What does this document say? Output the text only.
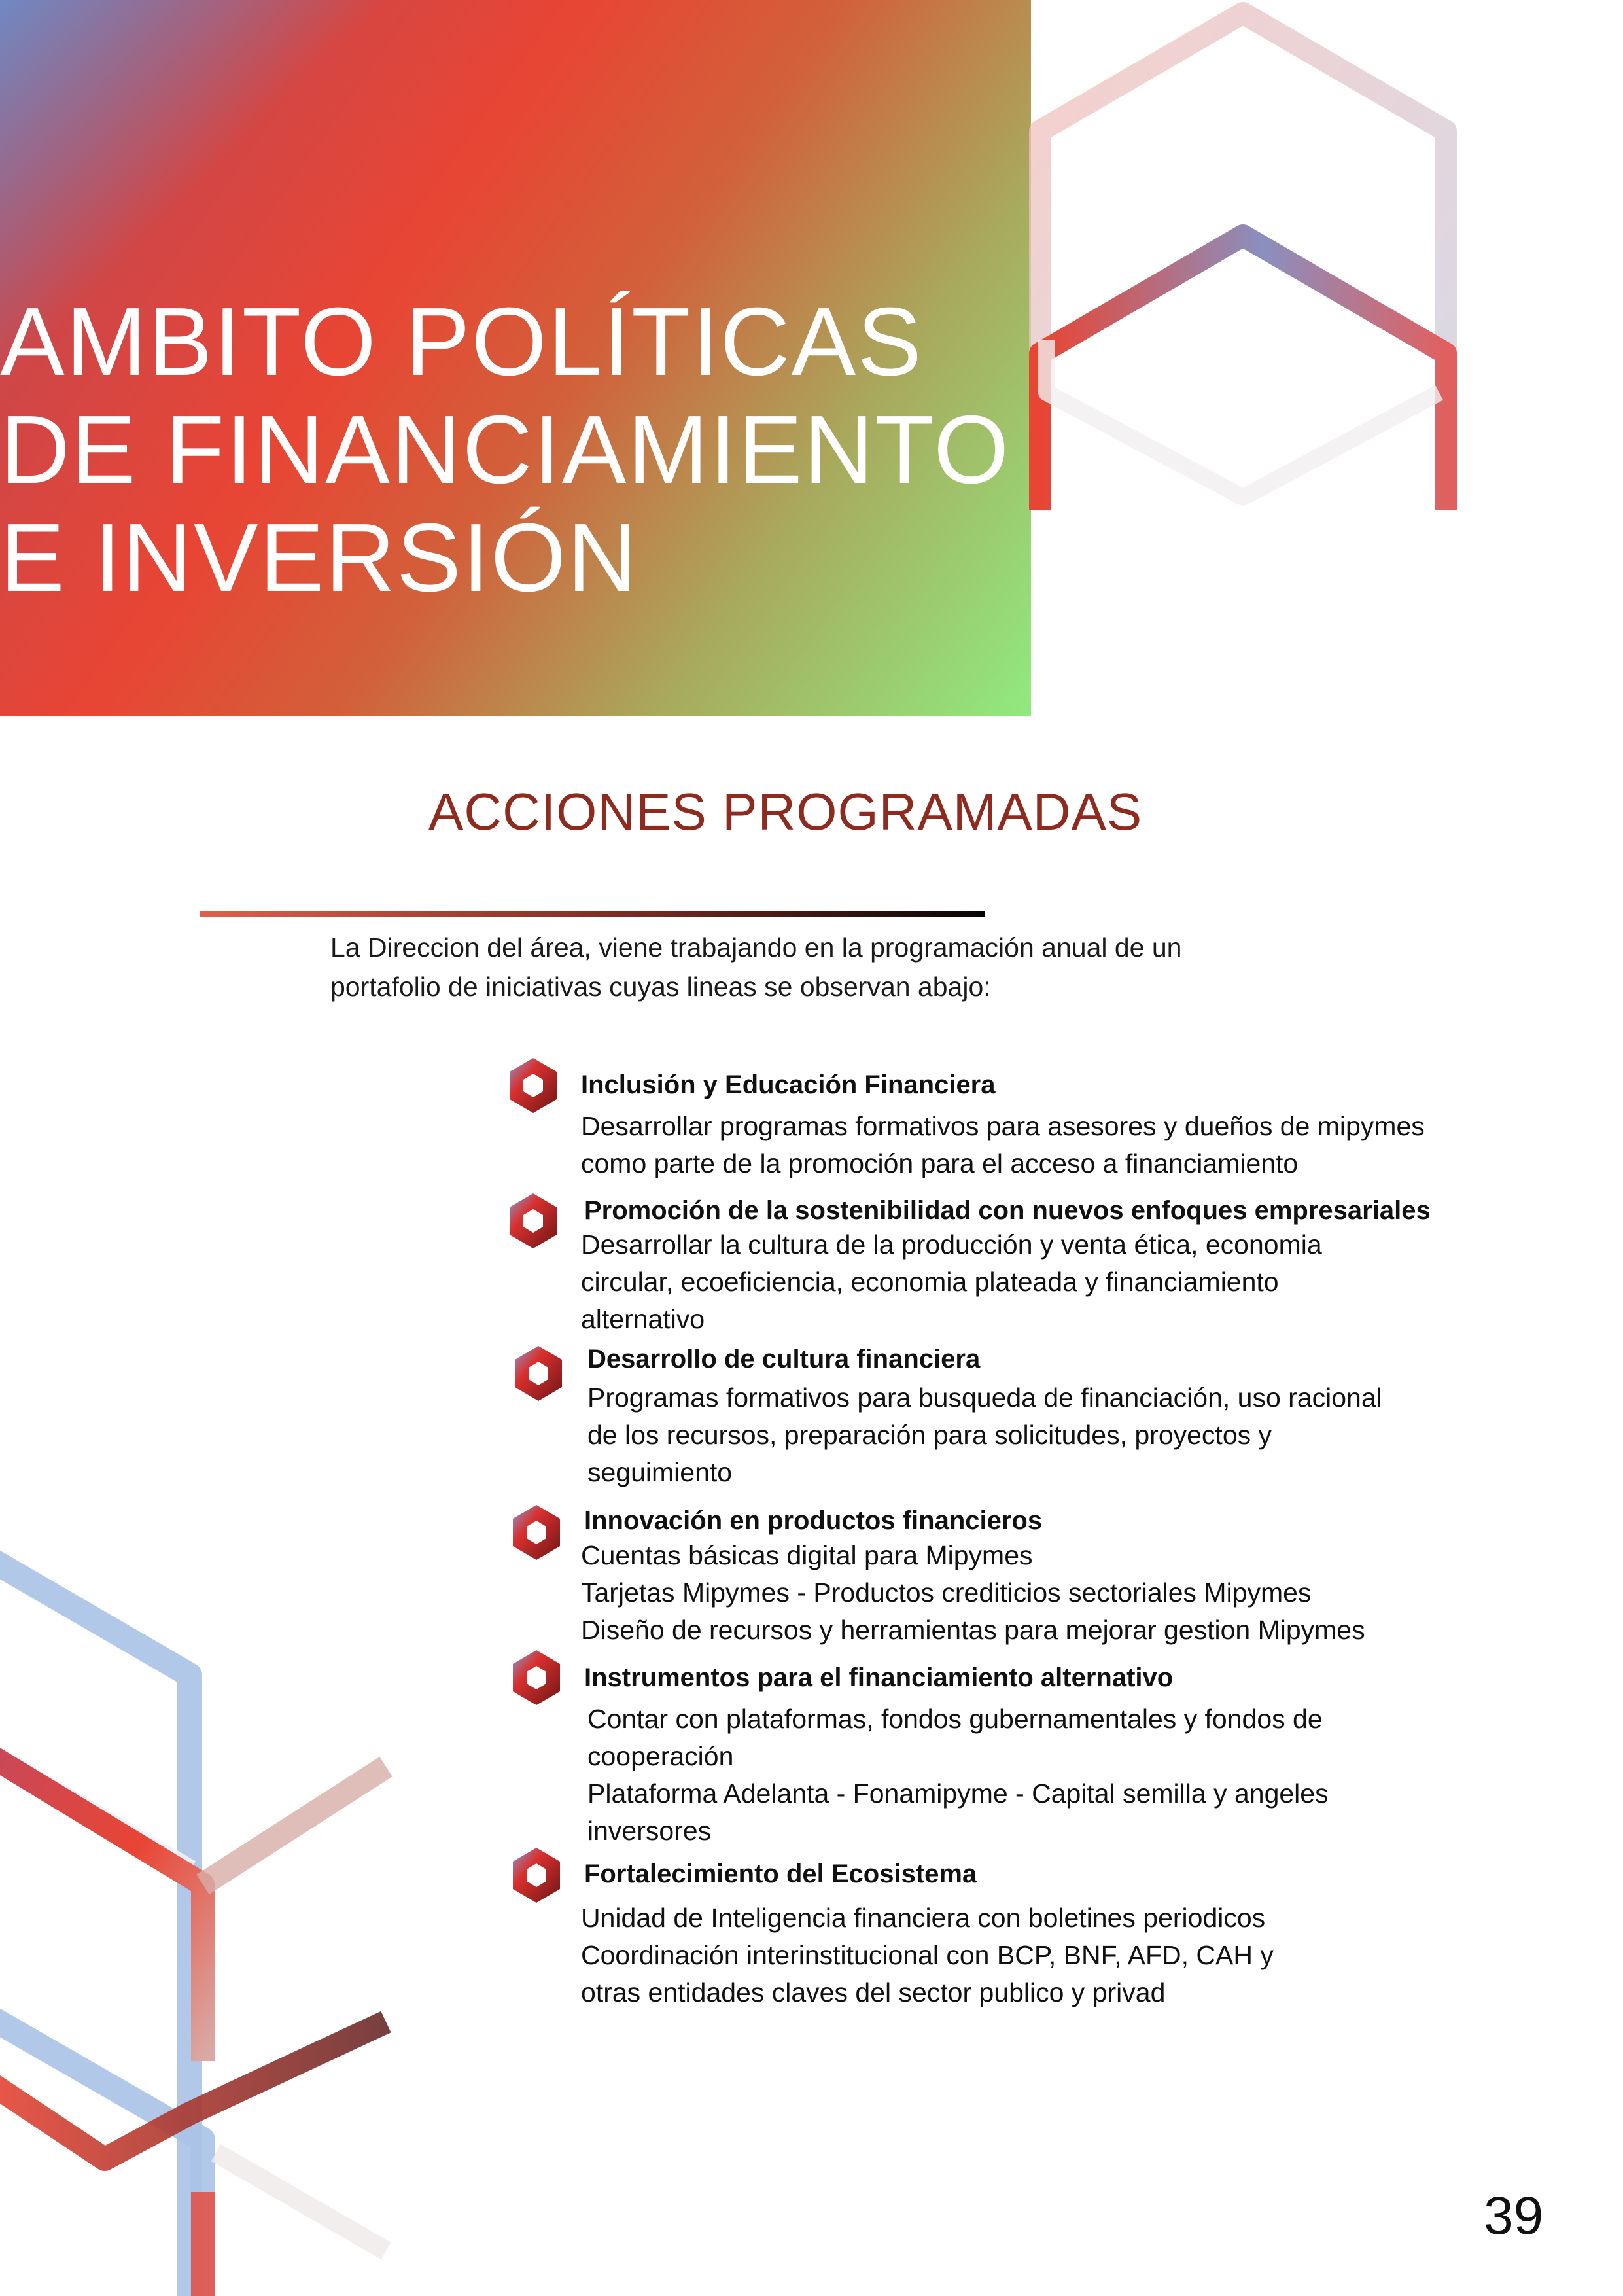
AMBITO POLÍTICAS
DE FINANCIAMIENTO
E INVERSIÓN
ACCIONES PROGRAMADAS

La Direccion del área, viene trabajando en la programación anual de un
portafolio de iniciativas cuyas lineas se observan abajo:

Inclusión y Educación Financiera

Desarrollar programas formativos para asesores y dueños de mipymes
como parte de la promoción para el acceso a financiamiento

Promoción de la sostenibilidad con nuevos enfoques empresariales

Desarrollar la cultura de la producción y venta ética, economia
circular, ecoeficiencia, economia plateada y financiamiento
alternativo

Desarrollo de cultura financiera

Programas formativos para busqueda de financiación, uso racional
de los recursos, preparación para solicitudes, proyectos y
seguimiento

Innovación en productos financieros

Cuentas básicas digital para Mipymes
Tarjetas Mipymes - Productos crediticios sectoriales Mipymes
Diseño de recursos y herramientas para mejorar gestion Mipymes

Instrumentos para el financiamiento alternativo

Contar con plataformas, fondos gubernamentales y fondos de
cooperación
Plataforma Adelanta - Fonamipyme - Capital semilla y angeles
inversores

Fortalecimiento del Ecosistema

Unidad de Inteligencia financiera con boletines periodicos
Coordinación interinstitucional con BCP, BNF, AFD, CAH y
otras entidades claves del sector publico y privad

39
